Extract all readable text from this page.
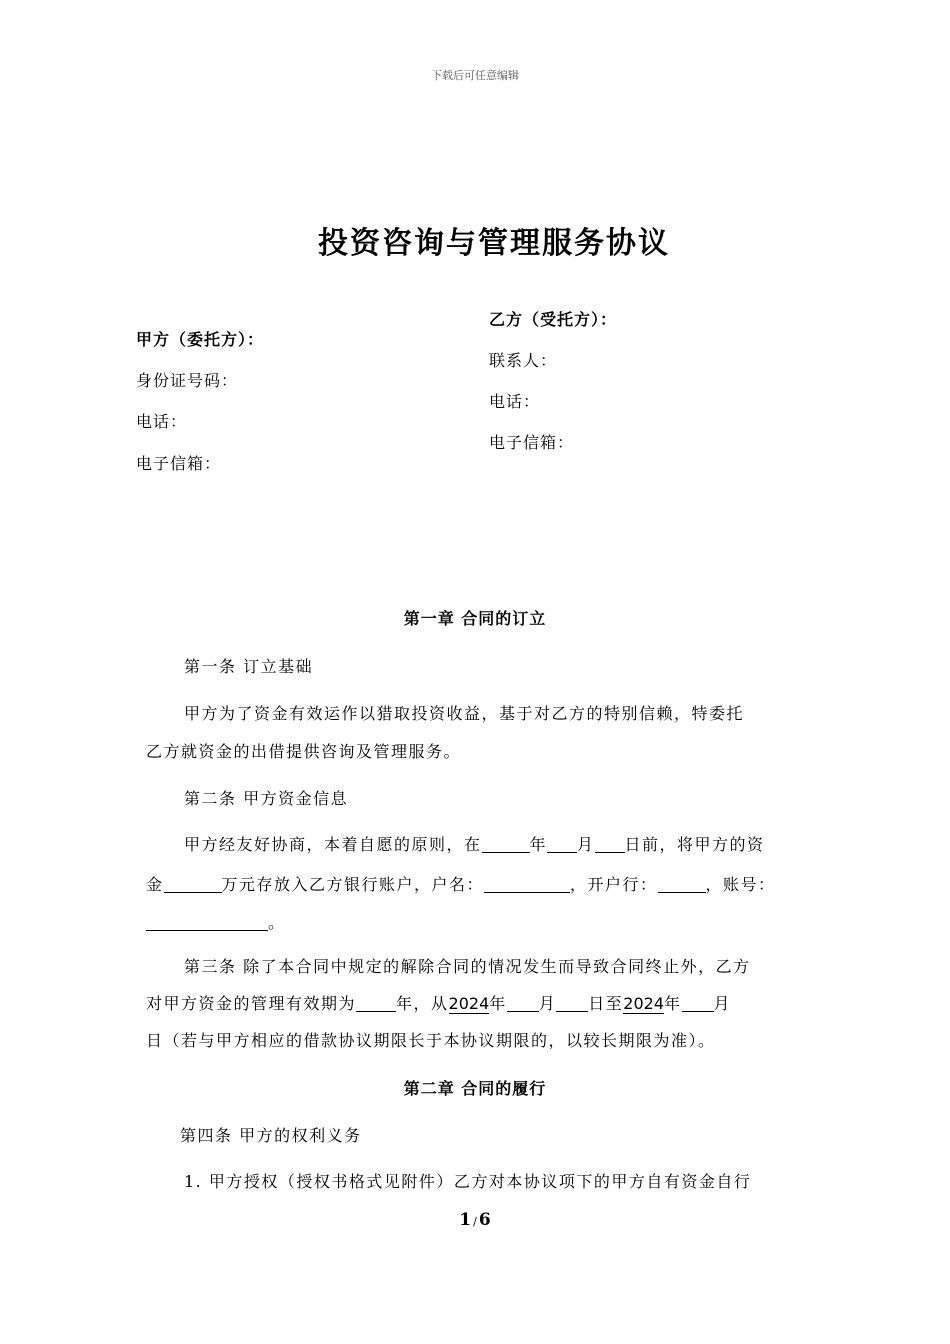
下载后可任意编辑
投资咨询与管理服务协议
甲方（委托方）：
身份证号码：
电话：
电子信箱：
乙方（受托方）：
联系人：
电话：
电子信箱：
第一章 合同的订立
第一条 订立基础
甲方为了资金有效运作以猎取投资收益，基于对乙方的特别信赖，特委托
乙方就资金的出借提供咨询及管理服务。
第二条 甲方资金信息
甲方经友好协商，本着自愿的原则，在	年 月 日前，将甲方的资
金	万元存放入乙方银行账户，户名：	，开户行：	，账号：
。
第三条 除了本合同中规定的解除合同的情况发生而导致合同终止外，乙方
对甲方资金的管理有效期为	年，从2024年 月 日至2024年 月
日（若与甲方相应的借款协议期限长于本协议期限的，以较长期限为准）。
第二章 合同的履行
第四条 甲方的权利义务
1. 甲方授权（授权书格式见附件）乙方对本协议项下的甲方自有资金自行
1 / 6
